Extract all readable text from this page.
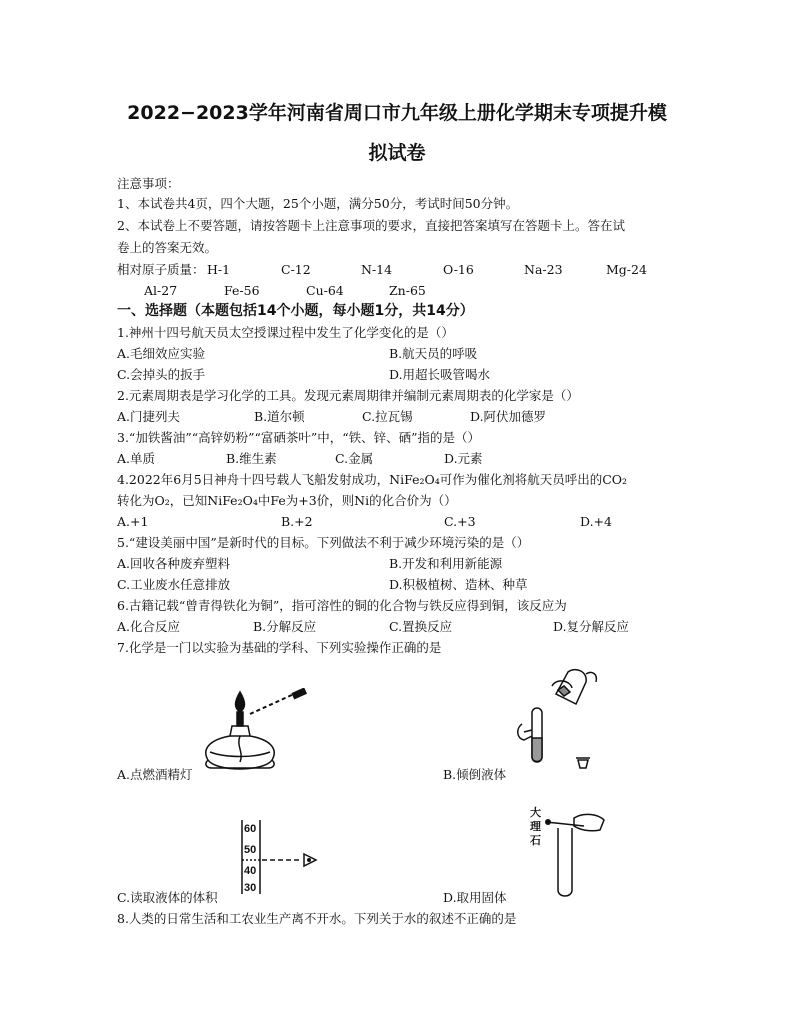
2022−2023学年河南省周口市九年级上册化学期末专项提升模
拟试卷
注意事项：
1、本试卷共4页，四个大题，25个小题，满分50分，考试时间50分钟。
2、本试卷上不要答题，请按答题卡上注意事项的要求，直接把答案填写在答题卡上。答在试
卷上的答案无效。
相对原子质量： H-1	C-12	N-14	O-16	Na-23	Mg-24
Al-27	Fe-56	Cu-64	Zn-65
一、选择题（本题包括14个小题，每小题1分，共14分）
1.神州十四号航天员太空授课过程中发生了化学变化的是（）
A.毛细效应实验	B.航天员的呼吸
C.会掉头的扳手	D.用超长吸管喝水
2.元素周期表是学习化学的工具。发现元素周期律并编制元素周期表的化学家是（）
A.门捷列夫	B.道尔顿	C.拉瓦锡	D.阿伏加德罗
3.“加铁酱油”“高锌奶粉”“富硒茶叶”中，“铁、锌、硒”指的是（）
A.单质	B.维生素	C.金属	D.元素
4.2022年6月5日神舟十四号载人飞船发射成功，NiFe₂O₄可作为催化剂将航天员呼出的CO₂
转化为O₂，已知NiFe₂O₄中Fe为+3价，则Ni的化合价为（）
A.+1	B.+2	C.+3	D.+4
5.“建设美丽中国”是新时代的目标。下列做法不利于减少环境污染的是（）
A.回收各种废弃塑料	B.开发和利用新能源
C.工业废水任意排放	D.积极植树、造林、种草
6.古籍记载“曾青得铁化为铜”，指可溶性的铜的化合物与铁反应得到铜，该反应为
A.化合反应	B.分解反应	C.置换反应	D.复分解反应
7.化学是一门以实验为基础的学科、下列实验操作正确的是
60
50
40
30
大
理
石
A.点燃酒精灯	B.倾倒液体
C.读取液体的体积	D.取用固体
8.人类的日常生活和工农业生产离不开水。下列关于水的叙述不正确的是
